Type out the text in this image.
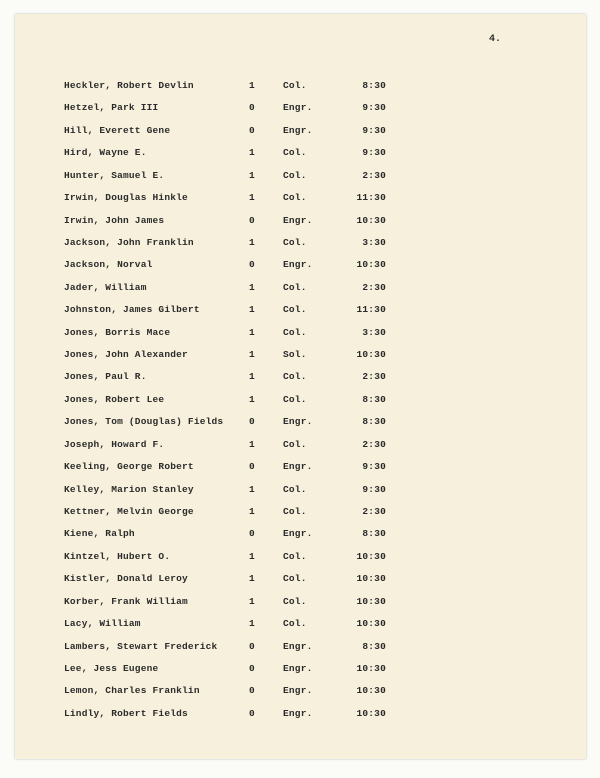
4.
Heckler, Robert Devlin	1	Col.	8:30
Hetzel, Park III	0	Engr.	9:30
Hill, Everett Gene	0	Engr.	9:30
Hird, Wayne E.	1	Col.	9:30
Hunter, Samuel E.	1	Col.	2:30
Irwin, Douglas Hinkle	1	Col.	11:30
Irwin, John James	0	Engr.	10:30
Jackson, John Franklin	1	Col.	3:30
Jackson, Norval	0	Engr.	10:30
Jader, William	1	Col.	2:30
Johnston, James Gilbert	1	Col.	11:30
Jones, Borris Mace	1	Col.	3:30
Jones, John Alexander	1	Sol.	10:30
Jones, Paul R.	1	Col.	2:30
Jones, Robert Lee	1	Col.	8:30
Jones, Tom (Douglas) Fields	0	Engr.	8:30
Joseph, Howard F.	1	Col.	2:30
Keeling, George Robert	0	Engr.	9:30
Kelley, Marion Stanley	1	Col.	9:30
Kettner, Melvin George	1	Col.	2:30
Kiene, Ralph	0	Engr.	8:30
Kintzel, Hubert O.	1	Col.	10:30
Kistler, Donald Leroy	1	Col.	10:30
Korber, Frank William	1	Col.	10:30
Lacy, William	1	Col.	10:30
Lambers, Stewart Frederick	0	Engr.	8:30
Lee, Jess Eugene	0	Engr.	10:30
Lemon, Charles Franklin	0	Engr.	10:30
Lindly, Robert Fields	0	Engr.	10:30
